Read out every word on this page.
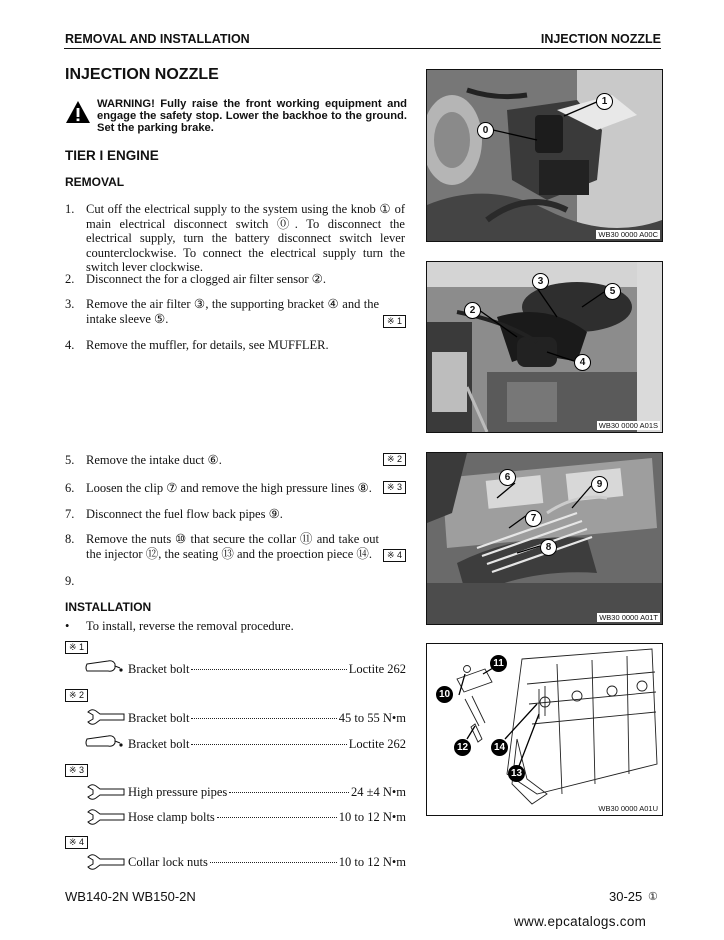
REMOVAL AND INSTALLATION	INJECTION NOZZLE
INJECTION NOZZLE
WARNING! Fully raise the front working equipment and engage the safety stop. Lower the backhoe to the ground. Set the parking brake.
TIER I ENGINE
REMOVAL
1. Cut off the electrical supply to the system using the knob ① of main electrical disconnect switch ⓪. To disconnect the electrical supply, turn the battery disconnect switch lever counterclockwise. To connect the electrical supply turn the switch lever clockwise.
2. Disconnect the for a clogged air filter sensor ②.
3. Remove the air filter ③, the supporting bracket ④ and the intake sleeve ⑤.	※ 1
4. Remove the muffler, for details, see MUFFLER.
5. Remove the intake duct ⑥.	※ 2
6. Loosen the clip ⑦ and remove the high pressure lines ⑧.	※ 3
7. Disconnect the fuel flow back pipes ⑨.
8. Remove the nuts ⑩ that secure the collar ⑪ and take out the injector ⑫, the seating ⑬ and the proection piece ⑭.	※ 4
9.
INSTALLATION
• To install, reverse the removal procedure.
※ 1
Bracket bolt	Loctite 262
※ 2
Bracket bolt	45 to 55 N•m
Bracket bolt	Loctite 262
※ 3
High pressure pipes	24 ±4 N•m
Hose clamp bolts	10 to 12 N•m
※ 4
Collar lock nuts	10 to 12 N•m
1
0
WB30 0000 A00C
3
5
2
4
WB30 0000 A01S
6
9
7
8
WB30 0000 A01T
11
10
12	14
13
WB30 0000 A01U
WB140-2N WB150-2N	30-25 ①
www.epcatalogs.com
